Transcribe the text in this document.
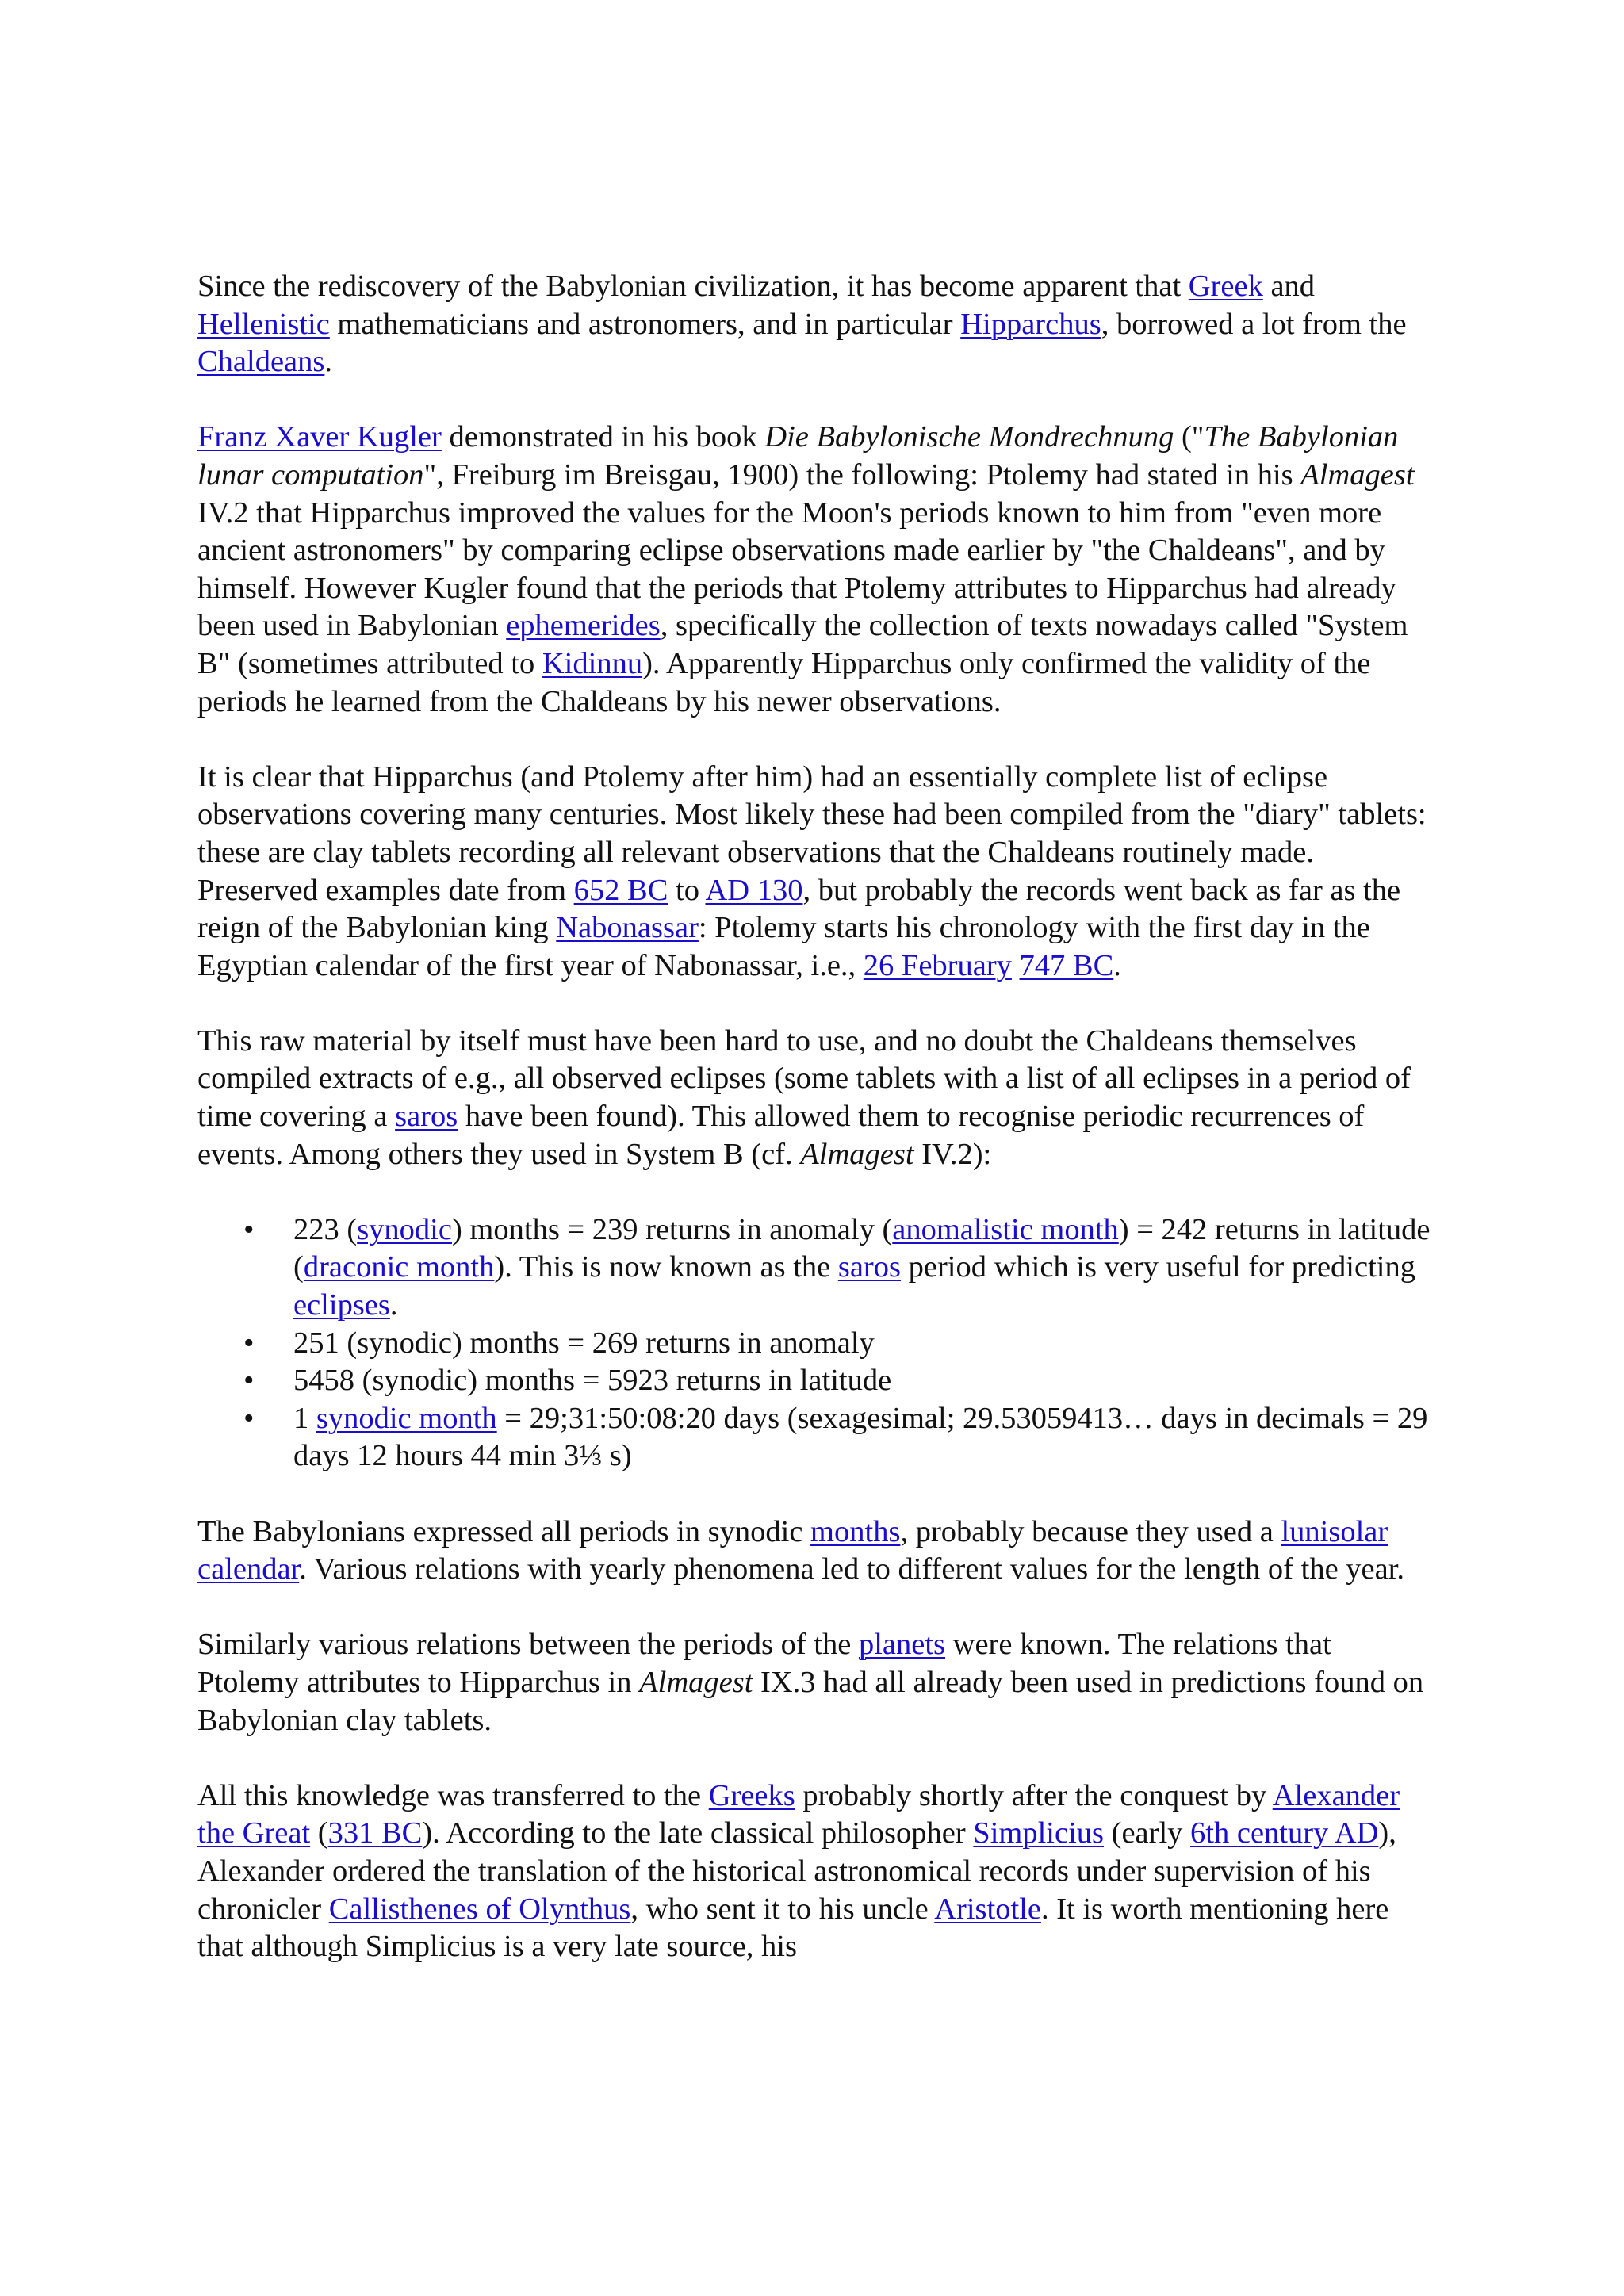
Since the rediscovery of the Babylonian civilization, it has become apparent that Greek and Hellenistic mathematicians and astronomers, and in particular Hipparchus, borrowed a lot from the Chaldeans.

Franz Xaver Kugler demonstrated in his book Die Babylonische Mondrechnung ("The Babylonian lunar computation", Freiburg im Breisgau, 1900) the following: Ptolemy had stated in his Almagest IV.2 that Hipparchus improved the values for the Moon's periods known to him from "even more ancient astronomers" by comparing eclipse observations made earlier by "the Chaldeans", and by himself. However Kugler found that the periods that Ptolemy attributes to Hipparchus had already been used in Babylonian ephemerides, specifically the collection of texts nowadays called "System B" (sometimes attributed to Kidinnu). Apparently Hipparchus only confirmed the validity of the periods he learned from the Chaldeans by his newer observations.

It is clear that Hipparchus (and Ptolemy after him) had an essentially complete list of eclipse observations covering many centuries. Most likely these had been compiled from the "diary" tablets: these are clay tablets recording all relevant observations that the Chaldeans routinely made. Preserved examples date from 652 BC to AD 130, but probably the records went back as far as the reign of the Babylonian king Nabonassar: Ptolemy starts his chronology with the first day in the Egyptian calendar of the first year of Nabonassar, i.e., 26 February 747 BC.

This raw material by itself must have been hard to use, and no doubt the Chaldeans themselves compiled extracts of e.g., all observed eclipses (some tablets with a list of all eclipses in a period of time covering a saros have been found). This allowed them to recognise periodic recurrences of events. Among others they used in System B (cf. Almagest IV.2):

• 223 (synodic) months = 239 returns in anomaly (anomalistic month) = 242 returns in latitude (draconic month). This is now known as the saros period which is very useful for predicting eclipses.
• 251 (synodic) months = 269 returns in anomaly
• 5458 (synodic) months = 5923 returns in latitude
• 1 synodic month = 29;31:50:08:20 days (sexagesimal; 29.53059413… days in decimals = 29 days 12 hours 44 min 3⅓ s)

The Babylonians expressed all periods in synodic months, probably because they used a lunisolar calendar. Various relations with yearly phenomena led to different values for the length of the year.

Similarly various relations between the periods of the planets were known. The relations that Ptolemy attributes to Hipparchus in Almagest IX.3 had all already been used in predictions found on Babylonian clay tablets.

All this knowledge was transferred to the Greeks probably shortly after the conquest by Alexander the Great (331 BC). According to the late classical philosopher Simplicius (early 6th century AD), Alexander ordered the translation of the historical astronomical records under supervision of his chronicler Callisthenes of Olynthus, who sent it to his uncle Aristotle. It is worth mentioning here that although Simplicius is a very late source, his
